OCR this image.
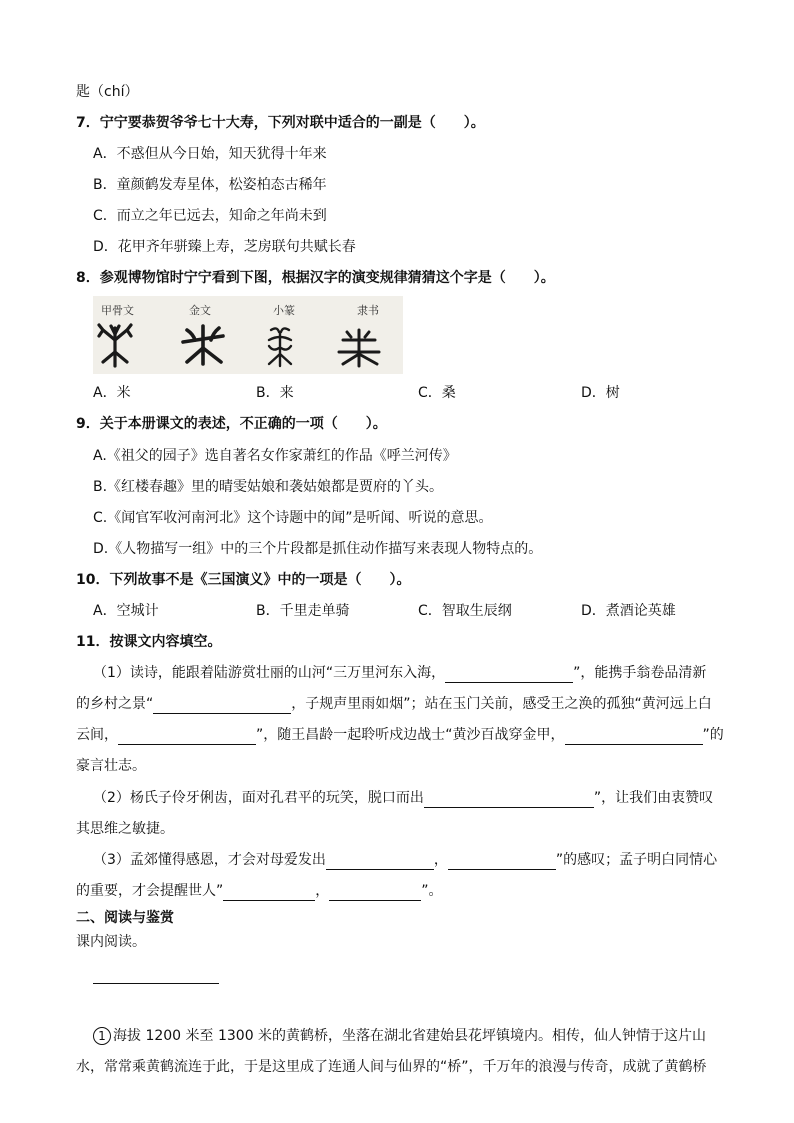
匙（chí）
7．宁宁要恭贺爷爷七十大寿，下列对联中适合的一副是（　　）。
A．不惑但从今日始，知天犹得十年来
B．童颜鹤发寿星体，松姿柏态古稀年
C．而立之年已远去，知命之年尚未到
D．花甲齐年骈臻上寿，芝房联句共赋长春
8．参观博物馆时宁宁看到下图，根据汉字的演变规律猜猜这个字是（　　）。
甲骨文	金文	小篆	隶书
A．米	B．来	C．桑	D．树
9．关于本册课文的表述，不正确的一项（　　）。
A.《祖父的园子》选自著名女作家萧红的作品《呼兰河传》
B.《红楼春趣》里的晴雯姑娘和袭姑娘都是贾府的丫头。
C.《闻官军收河南河北》这个诗题中的闻”是听闻、听说的意思。
D.《人物描写一组》中的三个片段都是抓住动作描写来表现人物特点的。
10．下列故事不是《三国演义》中的一项是（　　）。
A．空城计	B．千里走单骑	C．智取生辰纲	D．煮酒论英雄
11．按课文内容填空。
（1）读诗，能跟着陆游赏壮丽的山河“三万里河东入海，	”，能携手翁卷品清新
的乡村之景“	，子规声里雨如烟”；站在玉门关前，感受王之涣的孤独“黄河远上白
云间，	”，随王昌龄一起聆听戍边战士“黄沙百战穿金甲，	”的
豪言壮志。
（2）杨氏子伶牙俐齿，面对孔君平的玩笑，脱口而出	”，让我们由衷赞叹
其思维之敏捷。
（3）孟郊懂得感恩，才会对母爱发出	，	”的感叹；孟子明白同情心
的重要，才会提醒世人”	，	”。
二、阅读与鉴赏
课内阅读。
1 海拔 1200 米至 1300 米的黄鹤桥，坐落在湖北省建始县花坪镇境内。相传，仙人钟情于这片山
水，常常乘黄鹤流连于此，于是这里成了连通人间与仙界的“桥”，千万年的浪漫与传奇，成就了黄鹤桥
